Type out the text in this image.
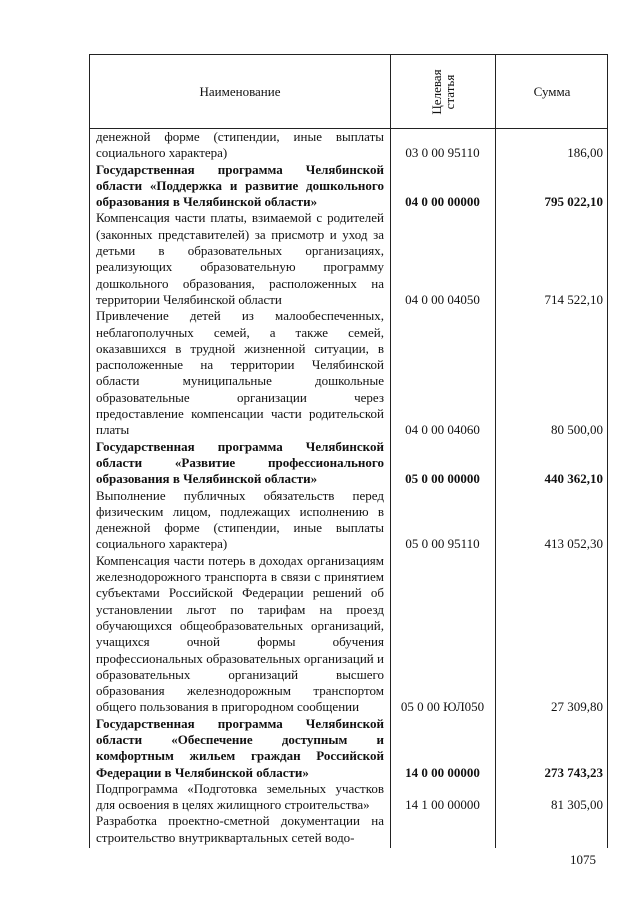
Наименование	Целевая статья	Сумма
денежной форме (стипендии, иные выплаты социального характера)	03 0 00 95110	186,00
Государственная программа Челябинской области «Поддержка и развитие дошкольного образования в Челябинской области»	04 0 00 00000	795 022,10
Компенсация части платы, взимаемой с родителей (законных представителей) за присмотр и уход за детьми в образовательных организациях, реализующих образовательную программу дошкольного образования, расположенных на территории Челябинской области	04 0 00 04050	714 522,10
Привлечение детей из малообеспеченных, неблагополучных семей, а также семей, оказавшихся в трудной жизненной ситуации, в расположенные на территории Челябинской области муниципальные дошкольные образовательные организации через предоставление компенсации части родительской платы	04 0 00 04060	80 500,00
Государственная программа Челябинской области «Развитие профессионального образования в Челябинской области»	05 0 00 00000	440 362,10
Выполнение публичных обязательств перед физическим лицом, подлежащих исполнению в денежной форме (стипендии, иные выплаты социального характера)	05 0 00 95110	413 052,30
Компенсация части потерь в доходах организациям железнодорожного транспорта в связи с принятием субъектами Российской Федерации решений об установлении льгот по тарифам на проезд обучающихся общеобразовательных организаций, учащихся очной формы обучения профессиональных образовательных организаций и образовательных организаций высшего образования железнодорожным транспортом общего пользования в пригородном сообщении	05 0 00 ЮЛ050	27 309,80
Государственная программа Челябинской области «Обеспечение доступным и комфортным жильем граждан Российской Федерации в Челябинской области»	14 0 00 00000	273 743,23
Подпрограмма «Подготовка земельных участков для освоения в целях жилищного строительства»	14 1 00 00000	81 305,00
Разработка проектно-сметной документации на строительство внутриквартальных сетей водо-
1075
